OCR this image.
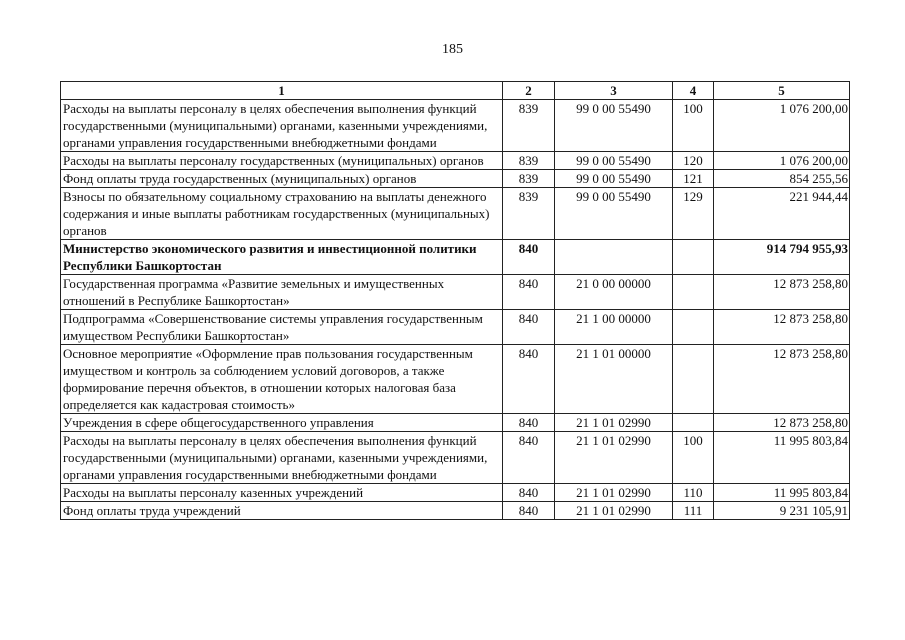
185
1	2	3	4	5
Расходы на выплаты персоналу в целях обеспечения выполнения функций государственными (муниципальными) органами, казенными учреждениями, органами управления государственными внебюджетными фондами	839	99 0 00 55490	100	1 076 200,00
Расходы на выплаты персоналу государственных (муниципальных) органов	839	99 0 00 55490	120	1 076 200,00
Фонд оплаты труда государственных (муниципальных) органов	839	99 0 00 55490	121	854 255,56
Взносы по обязательному социальному страхованию на выплаты денежного содержания и иные выплаты работникам государственных (муниципальных) органов	839	99 0 00 55490	129	221 944,44
Министерство экономического развития и инвестиционной политики Республики Башкортостан	840			914 794 955,93
Государственная программа «Развитие земельных и имущественных отношений в Республике Башкортостан»	840	21 0 00 00000		12 873 258,80
Подпрограмма «Совершенствование системы управления государственным имуществом Республики Башкортостан»	840	21 1 00 00000		12 873 258,80
Основное мероприятие «Оформление прав пользования государственным имуществом и контроль за соблюдением условий договоров, а также формирование перечня объектов, в отношении которых налоговая база определяется как кадастровая стоимость»	840	21 1 01 00000		12 873 258,80
Учреждения в сфере общегосударственного управления	840	21 1 01 02990		12 873 258,80
Расходы на выплаты персоналу в целях обеспечения выполнения функций государственными (муниципальными) органами, казенными учреждениями, органами управления государственными внебюджетными фондами	840	21 1 01 02990	100	11 995 803,84
Расходы на выплаты персоналу казенных учреждений	840	21 1 01 02990	110	11 995 803,84
Фонд оплаты труда учреждений	840	21 1 01 02990	111	9 231 105,91
